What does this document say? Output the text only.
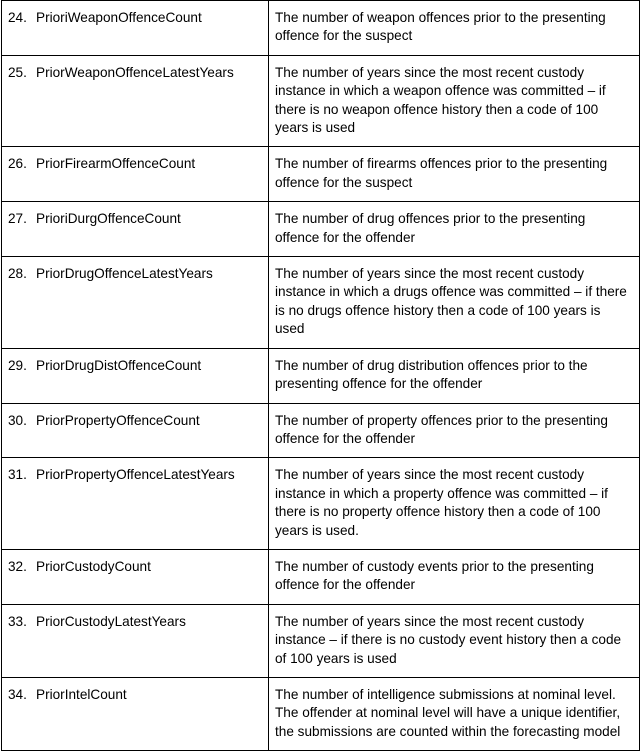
24. PrioriWeaponOffenceCount	The number of weapon offences prior to the presenting offence for the suspect

25. PriorWeaponOffenceLatestYears	The number of years since the most recent custody instance in which a weapon offence was committed – if there is no weapon offence history then a code of 100 years is used

26. PriorFirearmOffenceCount	The number of firearms offences prior to the presenting offence for the suspect

27. PrioriDurgOffenceCount	The number of drug offences prior to the presenting offence for the offender

28. PriorDrugOffenceLatestYears	The number of years since the most recent custody instance in which a drugs offence was committed – if there is no drugs offence history then a code of 100 years is used

29. PriorDrugDistOffenceCount	The number of drug distribution offences prior to the presenting offence for the offender

30. PriorPropertyOffenceCount	The number of property offences prior to the presenting offence for the offender

31. PriorPropertyOffenceLatestYears	The number of years since the most recent custody instance in which a property offence was committed – if there is no property offence history then a code of 100 years is used.

32. PriorCustodyCount	The number of custody events prior to the presenting offence for the offender

33. PriorCustodyLatestYears	The number of years since the most recent custody instance – if there is no custody event history then a code of 100 years is used

34. PriorIntelCount	The number of intelligence submissions at nominal level. The offender at nominal level will have a unique identifier, the submissions are counted within the forecasting model
